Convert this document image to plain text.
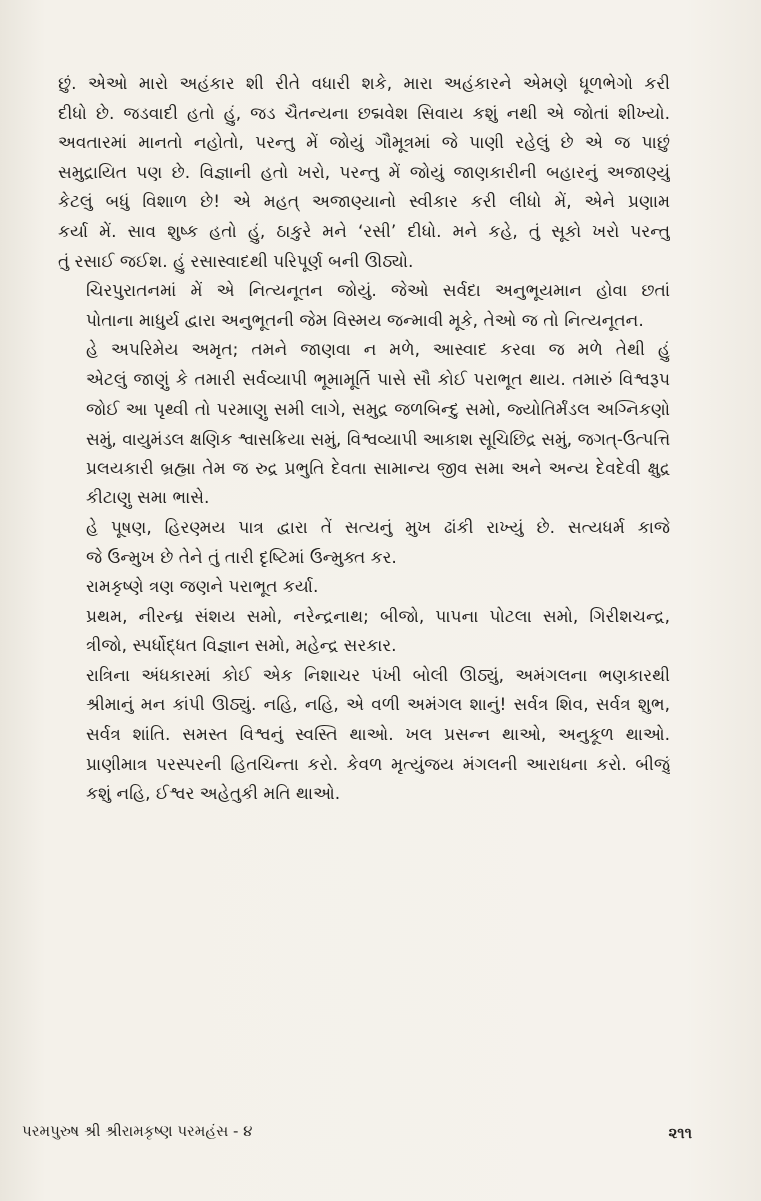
છું. એઓ મારો અહંકાર શી રીતે વધારી શકે, મારા અહંકારને એમણે ધૂળભેગો કરી
દીધો છે. જડવાદી હતો હું, જડ ચૈતન્યના છદ્મવેશ સિવાય કશું નથી એ જોતાં શીખ્યો.
અવતારમાં માનતો નહોતો, પરન્તુ મેં જોયું ગૌમૂત્રમાં જે પાણી રહેલું છે એ જ પાછું
સમુદ્રાયિત પણ છે. વિજ્ઞાની હતો ખરો, પરન્તુ મેં જોયું જાણકારીની બહારનું અજાણ્યું
કેટલું બધું વિશાળ છે! એ મહત્ અજાણ્યાનો સ્વીકાર કરી લીધો મેં, એને પ્રણામ
કર્યા મેં. સાવ શુષ્ક હતો હું, ઠાકુરે મને ‘રસી’ દીધો. મને કહે, તું સૂકો ખરો પરન્તુ
તું રસાઈ જઈશ. હું રસાસ્વાદથી પરિપૂર્ણ બની ઊઠ્યો.

ચિરપુરાતનમાં મેં એ નિત્યનૂતન જોયું. જેઓ સર્વદા અનુભૂયમાન હોવા છતાં
પોતાના માધુર્ય દ્વારા અનુભૂતની જેમ વિસ્મય જન્માવી મૂકે, તેઓ જ તો નિત્યનૂતન.

હે અપરિમેય અમૃત; તમને જાણવા ન મળે, આસ્વાદ કરવા જ મળે તેથી હું
એટલું જાણું કે તમારી સર્વવ્યાપી ભૂમામૂર્તિ પાસે સૌ કોઈ પરાભૂત થાય. તમારું વિશ્વરૂપ
જોઈ આ પૃથ્વી તો પરમાણુ સમી લાગે, સમુદ્ર જળબિન્દુ સમો, જ્યોતિર્મંડલ અગ્નિકણો
સમું, વાયુમંડલ ક્ષણિક શ્વાસક્રિયા સમું, વિશ્વવ્યાપી આકાશ સૂચિછિદ્ર સમું, જગત્-ઉત્પત્તિ
પ્રલયકારી બ્રહ્મા તેમ જ રુદ્ર પ્રભુતિ દેવતા સામાન્ય જીવ સમા અને અન્ય દેવદેવી ક્ષુદ્ર
કીટાણુ સમા ભાસે.

હે પૂષણ, હિરણ્મય પાત્ર દ્વારા તેં સત્યનું મુખ ઢાંકી રાખ્યું છે. સત્યધર્મ કાજે
જે ઉન્મુખ છે તેને તું તારી દૃષ્ટિમાં ઉન્મુક્ત કર.

રામકૃષ્ણે ત્રણ જણને પરાભૂત કર્યા.

પ્રથમ, નીરન્ધ્ર સંશય સમો, નરેન્દ્રનાથ; બીજો, પાપના પોટલા સમો, ગિરીશચન્દ્ર,
ત્રીજો, સ્પર્ધોદ્ધત વિજ્ઞાન સમો, મહેન્દ્ર સરકાર.

રાત્રિના અંધકારમાં કોઈ એક નિશાચર પંખી બોલી ઊઠ્યું, અમંગલના ભણકારથી
શ્રીમાનું મન કાંપી ઊઠ્યું. નહિ, નહિ, એ વળી અમંગલ શાનું! સર્વત્ર શિવ, સર્વત્ર શુભ,
સર્વત્ર શાંતિ. સમસ્ત વિશ્વનું સ્વસ્તિ થાઓ. ખલ પ્રસન્ન થાઓ, અનુકૂળ થાઓ.
પ્રાણીમાત્ર પરસ્પરની હિતચિન્તા કરો. કેવળ મૃત્યુંજય મંગલની આરાધના કરો. બીજું
કશું નહિ, ઈશ્વર અહેતુકી મતિ થાઓ.

પરમપુરુષ શ્રી શ્રીરામકૃષ્ણ પરમહંસ - ૪	૨૧૧
